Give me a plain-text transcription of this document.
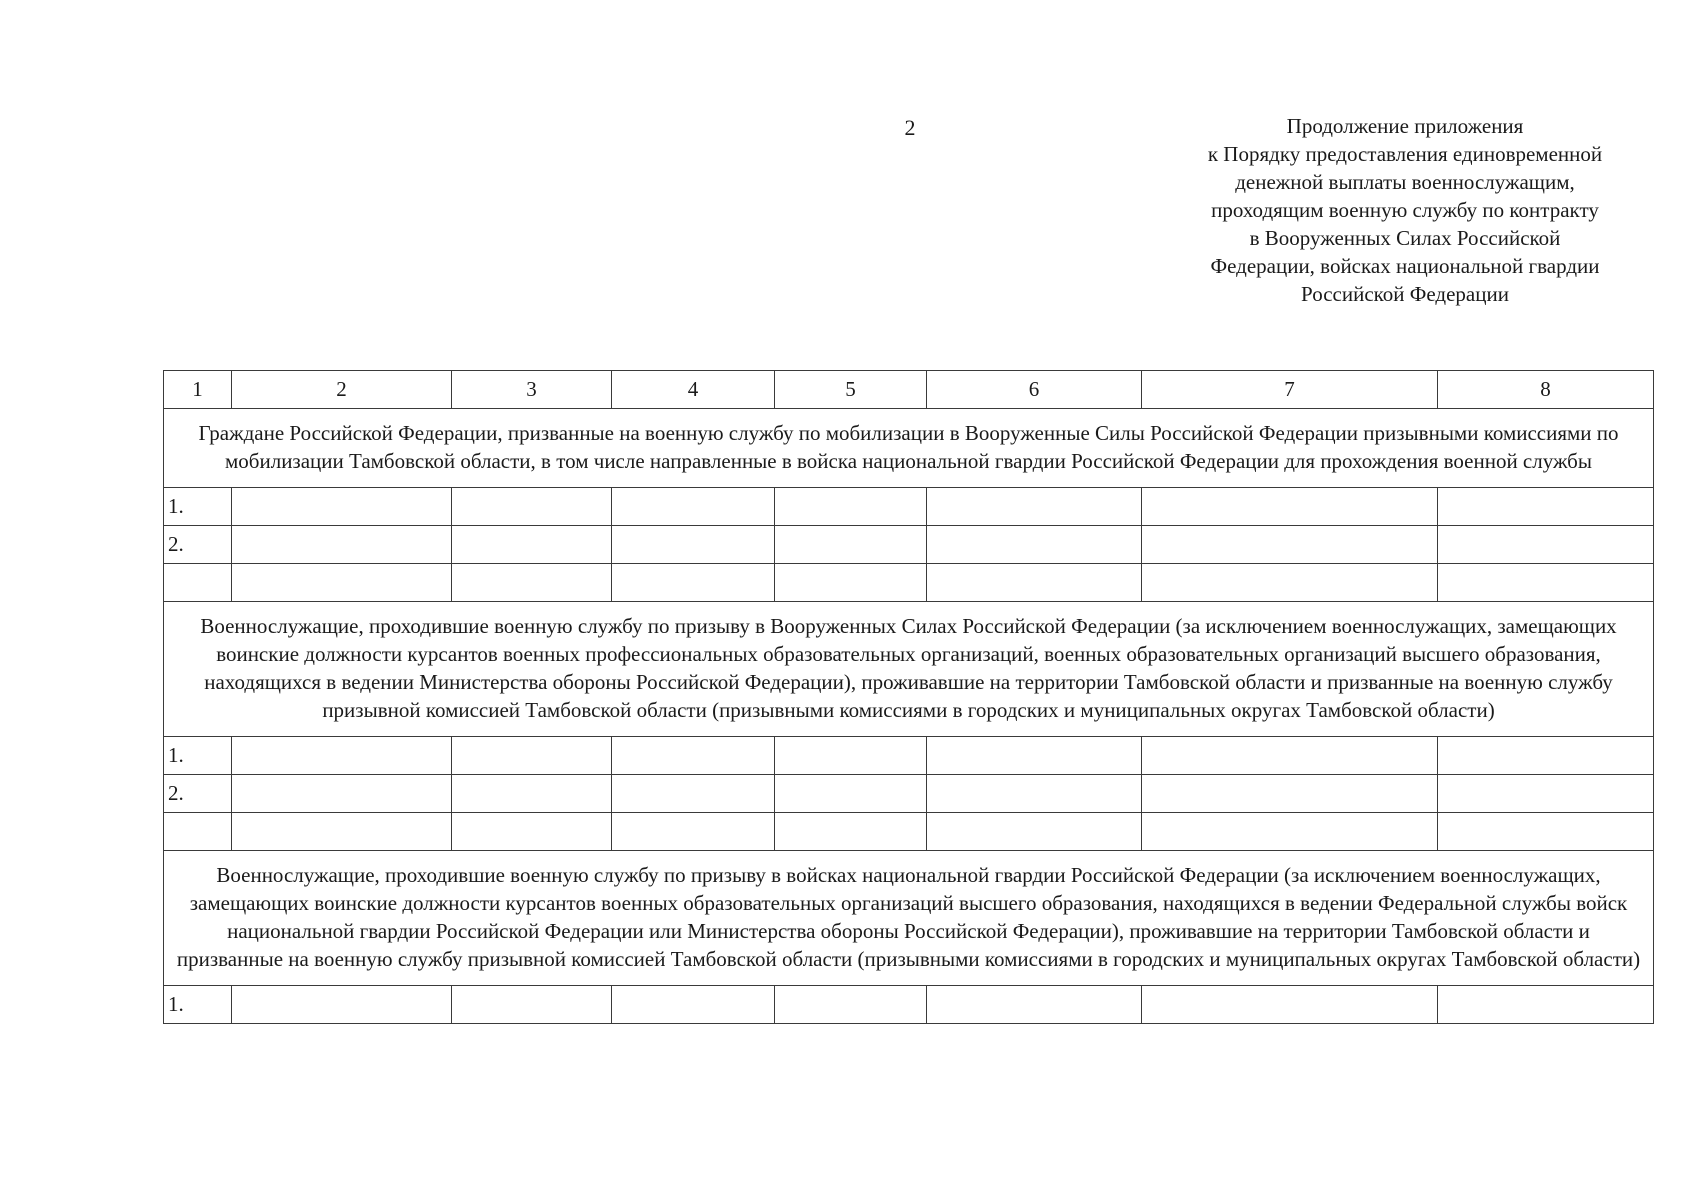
2	Продолжение приложения
к Порядку предоставления единовременной
денежной выплаты военнослужащим,
проходящим военную службу по контракту
в Вооруженных Силах Российской
Федерации, войсках национальной гвардии
Российской Федерации
1	2	3	4	5	6	7	8
Граждане Российской Федерации, призванные на военную службу по мобилизации в Вооруженные Силы Российской Федерации призывными комиссиями по мобилизации Тамбовской области, в том числе направленные в войска национальной гвардии Российской Федерации для прохождения военной службы							
1.							
2.							

Военнослужащие, проходившие военную службу по призыву в Вооруженных Силах Российской Федерации (за исключением военнослужащих, замещающих воинские должности курсантов военных профессиональных образовательных организаций, военных образовательных организаций высшего образования, находящихся в ведении Министерства обороны Российской Федерации), проживавшие на территории Тамбовской области и призванные на военную службу призывной комиссией Тамбовской области (призывными комиссиями в городских и муниципальных округах Тамбовской области)							
1.							
2.							

Военнослужащие, проходившие военную службу по призыву в войсках национальной гвардии Российской Федерации (за исключением военнослужащих, замещающих воинские должности курсантов военных образовательных организаций высшего образования, находящихся в ведении Федеральной службы войск национальной гвардии Российской Федерации или Министерства обороны Российской Федерации), проживавшие на территории Тамбовской области и призванные на военную службу призывной комиссией Тамбовской области (призывными комиссиями в городских и муниципальных округах Тамбовской области)							
1.							
